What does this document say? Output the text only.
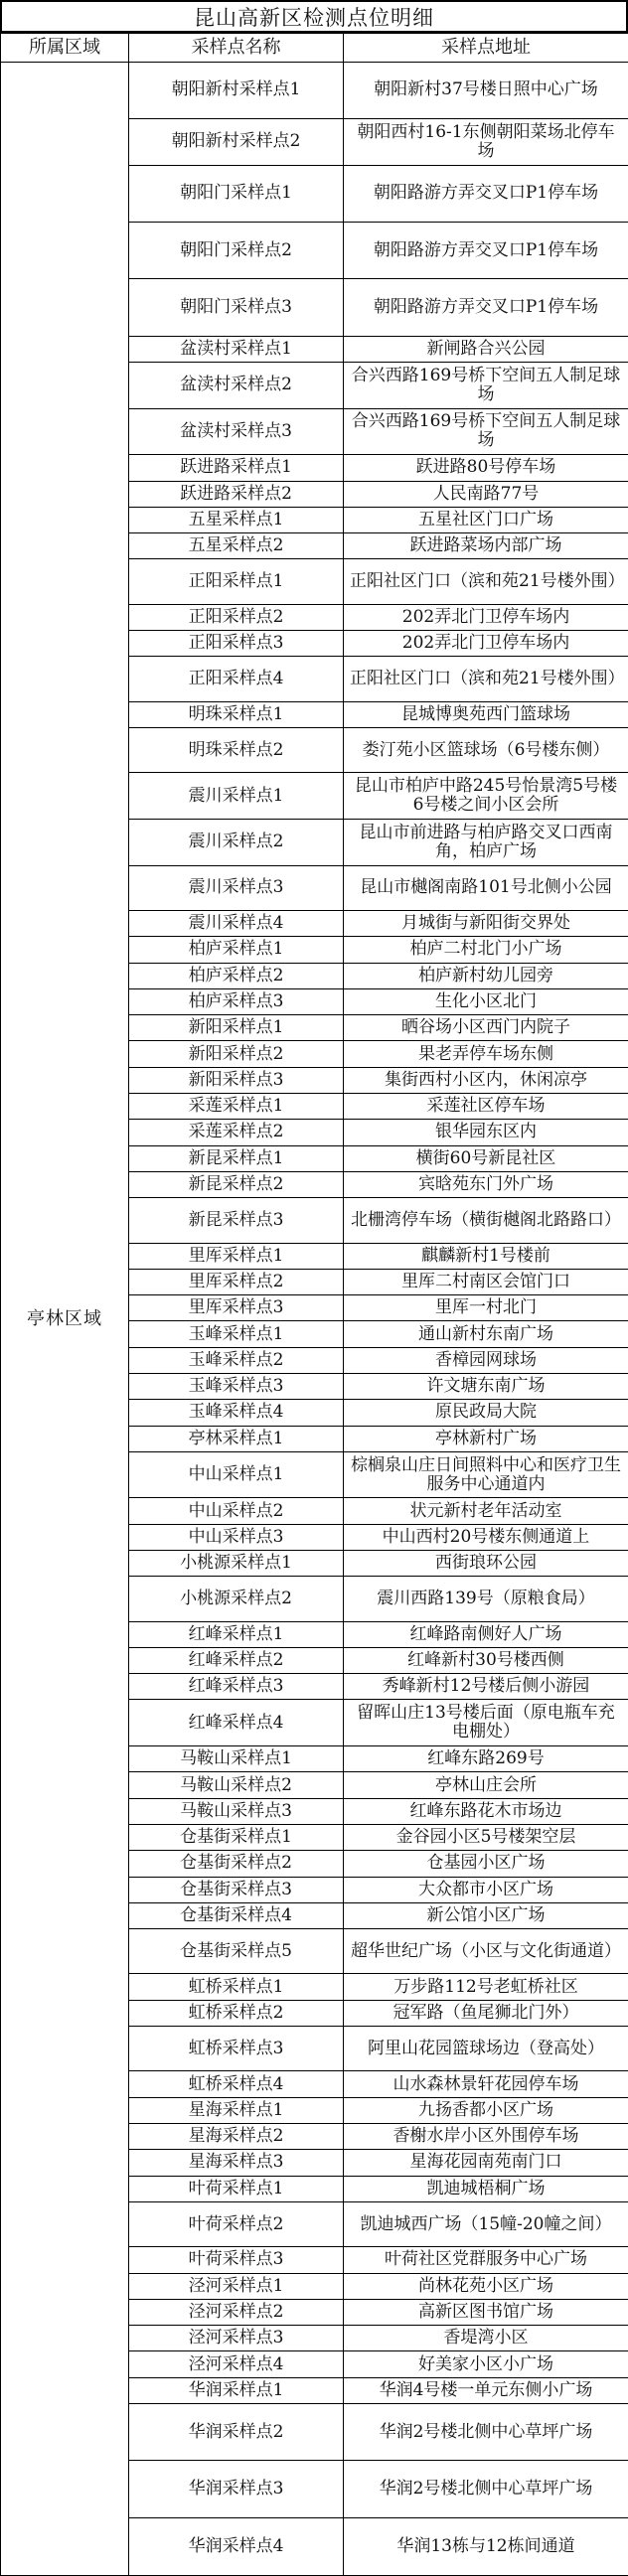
昆山高新区检测点位明细
所属区域	采样点名称	采样点地址
亭林区域	朝阳新村采样点1	朝阳新村37号楼日照中心广场
	朝阳新村采样点2	朝阳西村16-1东侧朝阳菜场北停车场
	朝阳门采样点1	朝阳路游方弄交叉口P1停车场
	朝阳门采样点2	朝阳路游方弄交叉口P1停车场
	朝阳门采样点3	朝阳路游方弄交叉口P1停车场
	盆渎村采样点1	新闸路合兴公园
	盆渎村采样点2	合兴西路169号桥下空间五人制足球场
	盆渎村采样点3	合兴西路169号桥下空间五人制足球场
	跃进路采样点1	跃进路80号停车场
	跃进路采样点2	人民南路77号
	五星采样点1	五星社区门口广场
	五星采样点2	跃进路菜场内部广场
	正阳采样点1	正阳社区门口（滨和苑21号楼外围）
	正阳采样点2	202弄北门卫停车场内
	正阳采样点3	202弄北门卫停车场内
	正阳采样点4	正阳社区门口（滨和苑21号楼外围）
	明珠采样点1	昆城博奥苑西门篮球场
	明珠采样点2	娄汀苑小区篮球场（6号楼东侧）
	震川采样点1	昆山市柏庐中路245号怡景湾5号楼6号楼之间小区会所
	震川采样点2	昆山市前进路与柏庐路交叉口西南角，柏庐广场
	震川采样点3	昆山市樾阁南路101号北侧小公园
	震川采样点4	月城街与新阳街交界处
	柏庐采样点1	柏庐二村北门小广场
	柏庐采样点2	柏庐新村幼儿园旁
	柏庐采样点3	生化小区北门
	新阳采样点1	晒谷场小区西门内院子
	新阳采样点2	果老弄停车场东侧
	新阳采样点3	集街西村小区内，休闲凉亭
	采莲采样点1	采莲社区停车场
	采莲采样点2	银华园东区内
	新昆采样点1	横街60号新昆社区
	新昆采样点2	宾晗苑东门外广场
	新昆采样点3	北栅湾停车场（横街樾阁北路路口）
	里厍采样点1	麒麟新村1号楼前
	里厍采样点2	里厍二村南区会馆门口
	里厍采样点3	里厍一村北门
	玉峰采样点1	通山新村东南广场
	玉峰采样点2	香樟园网球场
	玉峰采样点3	许文塘东南广场
	玉峰采样点4	原民政局大院
	亭林采样点1	亭林新村广场
	中山采样点1	棕榈泉山庄日间照料中心和医疗卫生服务中心通道内
	中山采样点2	状元新村老年活动室
	中山采样点3	中山西村20号楼东侧通道上
	小桃源采样点1	西街琅环公园
	小桃源采样点2	震川西路139号（原粮食局）
	红峰采样点1	红峰路南侧好人广场
	红峰采样点2	红峰新村30号楼西侧
	红峰采样点3	秀峰新村12号楼后侧小游园
	红峰采样点4	留晖山庄13号楼后面（原电瓶车充电棚处）
	马鞍山采样点1	红峰东路269号
	马鞍山采样点2	亭林山庄会所
	马鞍山采样点3	红峰东路花木市场边
	仓基街采样点1	金谷园小区5号楼架空层
	仓基街采样点2	仓基园小区广场
	仓基街采样点3	大众都市小区广场
	仓基街采样点4	新公馆小区广场
	仓基街采样点5	超华世纪广场（小区与文化街通道）
	虹桥采样点1	万步路112号老虹桥社区
	虹桥采样点2	冠军路（鱼尾狮北门外）
	虹桥采样点3	阿里山花园篮球场边（登高处）
	虹桥采样点4	山水森林景轩花园停车场
	星海采样点1	九扬香都小区广场
	星海采样点2	香榭水岸小区外围停车场
	星海采样点3	星海花园南苑南门口
	叶荷采样点1	凯迪城梧桐广场
	叶荷采样点2	凯迪城西广场（15幢-20幢之间）
	叶荷采样点3	叶荷社区党群服务中心广场
	泾河采样点1	尚林花苑小区广场
	泾河采样点2	高新区图书馆广场
	泾河采样点3	香堤湾小区
	泾河采样点4	好美家小区小广场
	华润采样点1	华润4号楼一单元东侧小广场
	华润采样点2	华润2号楼北侧中心草坪广场
	华润采样点3	华润2号楼北侧中心草坪广场
	华润采样点4	华润13栋与12栋间通道
